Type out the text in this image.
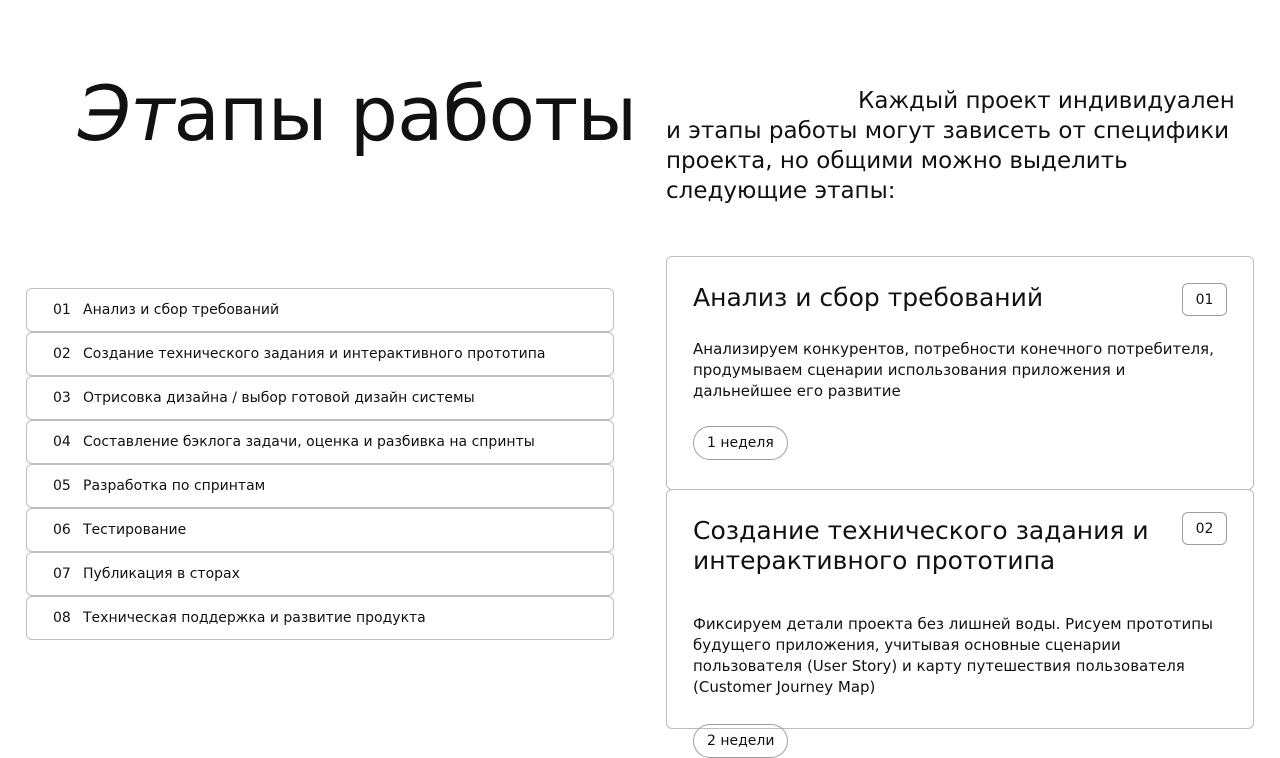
Этапы работы	Каждый проект индивидуален и этапы работы могут зависеть от специфики проекта, но общими можно выделить следующие этапы:

01 Анализ и сбор требований
02 Создание технического задания и интерактивного прототипа
03 Отрисовка дизайна / выбор готовой дизайн системы
04 Составление бэклога задачи, оценка и разбивка на спринты
05 Разработка по спринтам
06 Тестирование
07 Публикация в сторах
08 Техническая поддержка и развитие продукта
Анализ и сбор требований	01

Анализируем конкурентов, потребности конечного потребителя, продумываем сценарии использования приложения и дальнейшее его развитие

1 неделя
Создание технического задания и интерактивного прототипа
02

Фиксируем детали проекта без лишней воды. Рисуем прототипы будущего приложения, учитывая основные сценарии пользователя (User Story) и карту путешествия пользователя (Customer Journey Map)

2 недели
